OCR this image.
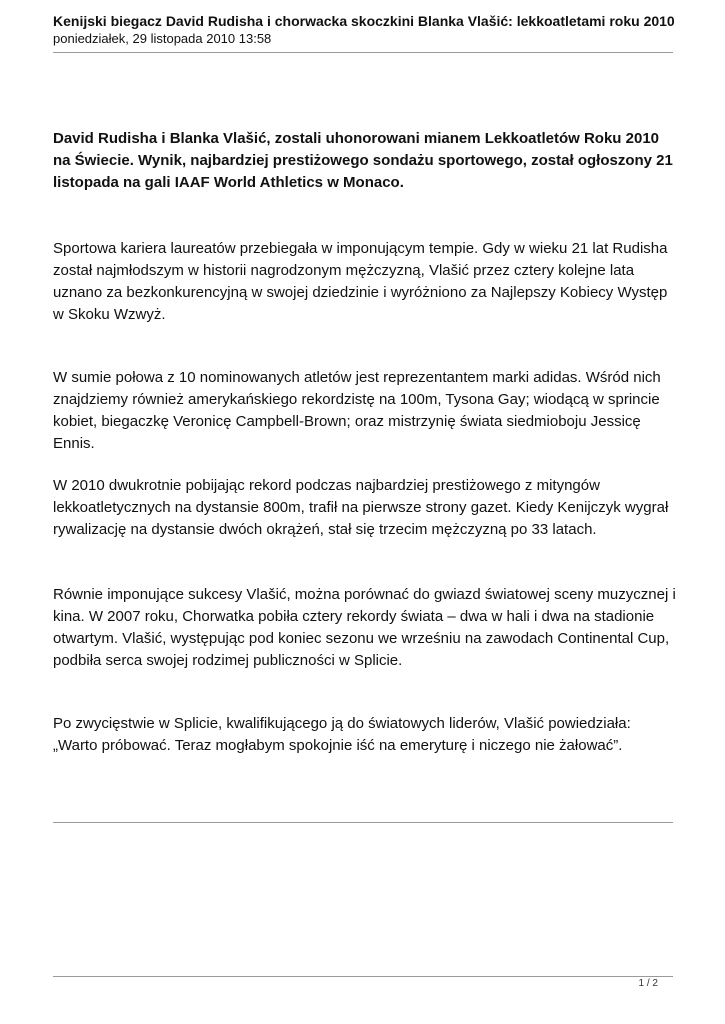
Kenijski biegacz David Rudisha i chorwacka skoczkini Blanka Vlašić: lekkoatletami roku 2010
poniedziałek, 29 listopada 2010 13:58

David Rudisha i Blanka Vlašić, zostali uhonorowani mianem Lekkoatletów Roku 2010 na Świecie. Wynik, najbardziej prestiżowego sondażu sportowego, został ogłoszony 21 listopada na gali IAAF World Athletics w Monaco.

Sportowa kariera laureatów przebiegała w imponującym tempie. Gdy w wieku 21 lat Rudisha został najmłodszym w historii nagrodzonym mężczyzną, Vlašić przez cztery kolejne lata uznano za bezkonkurencyjną w swojej dziedzinie i wyróżniono za Najlepszy Kobiecy Występ w Skoku Wzwyż.

W sumie połowa z 10 nominowanych atletów jest reprezentantem marki adidas. Wśród nich znajdziemy również amerykańskiego rekordzistę na 100m, Tysona Gay; wiodącą w sprincie kobiet, biegaczkę Veronicę Campbell-Brown; oraz mistrzynię świata siedmioboju Jessicę Ennis.

W 2010 dwukrotnie pobijając rekord podczas najbardziej prestiżowego z mityngów lekkoatletycznych na dystansie 800m, trafił na pierwsze strony gazet. Kiedy Kenijczyk wygrał rywalizację na dystansie dwóch okrążeń, stał się trzecim mężczyzną po 33 latach.

Równie imponujące sukcesy Vlašić, można porównać do gwiazd światowej sceny muzycznej i kina. W 2007 roku, Chorwatka pobiła cztery rekordy świata – dwa w hali i dwa na stadionie otwartym. Vlašić, występując pod koniec sezonu we wrześniu na zawodach Continental Cup, podbiła serca swojej rodzimej publiczności w Splicie.

Po zwycięstwie w Splicie, kwalifikującego ją do światowych liderów, Vlašić powiedziała: „Warto próbować. Teraz mogłabym spokojnie iść na emeryturę i niczego nie żałować”.

1 / 2
